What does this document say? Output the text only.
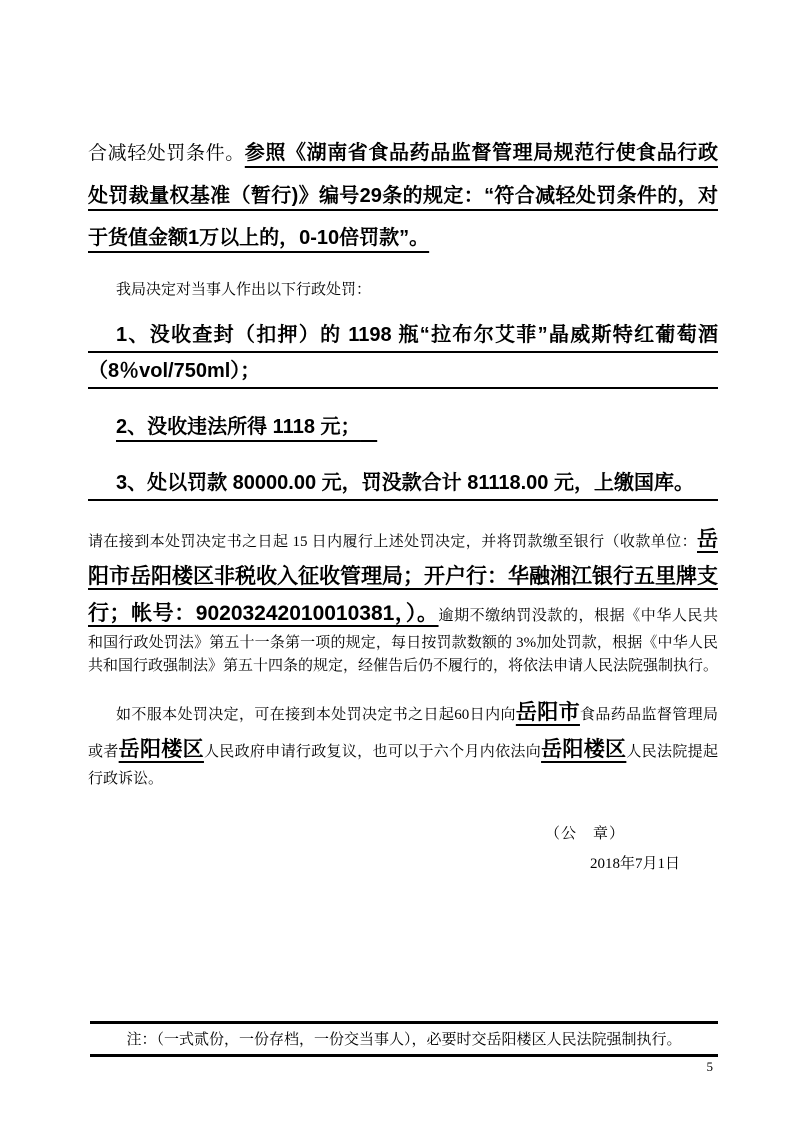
合减轻处罚条件。参照《湖南省食品药品监督管理局规范行使食品行政处罚裁量权基准（暂行)》编号29条的规定：“符合减轻处罚条件的，对于货值金额1万以上的，0-10倍罚款”。

我局决定对当事人作出以下行政处罚：

1、没收查封（扣押）的 1198 瓶“拉布尔艾菲”晶威斯特红葡萄酒（8％vol/750ml）；

2、没收违法所得 1118 元；

3、处以罚款 80000.00 元，罚没款合计 81118.00 元，上缴国库。

请在接到本处罚决定书之日起 15 日内履行上述处罚决定，并将罚款缴至银行（收款单位：岳阳市岳阳楼区非税收入征收管理局；开户行：华融湘江银行五里牌支行；帐号：90203242010010381，）。逾期不缴纳罚没款的，根据《中华人民共和国行政处罚法》第五十一条第一项的规定，每日按罚款数额的 3%加处罚款，根据《中华人民共和国行政强制法》第五十四条的规定，经催告后仍不履行的，将依法申请人民法院强制执行。

如不服本处罚决定，可在接到本处罚决定书之日起60日内向岳阳市食品药品监督管理局或者岳阳楼区人民政府申请行政复议，也可以于六个月内依法向岳阳楼区人民法院提起行政诉讼。

（公　章）
2018年7月1日
注：（一式贰份，一份存档，一份交当事人），必要时交岳阳楼区人民法院强制执行。
5
